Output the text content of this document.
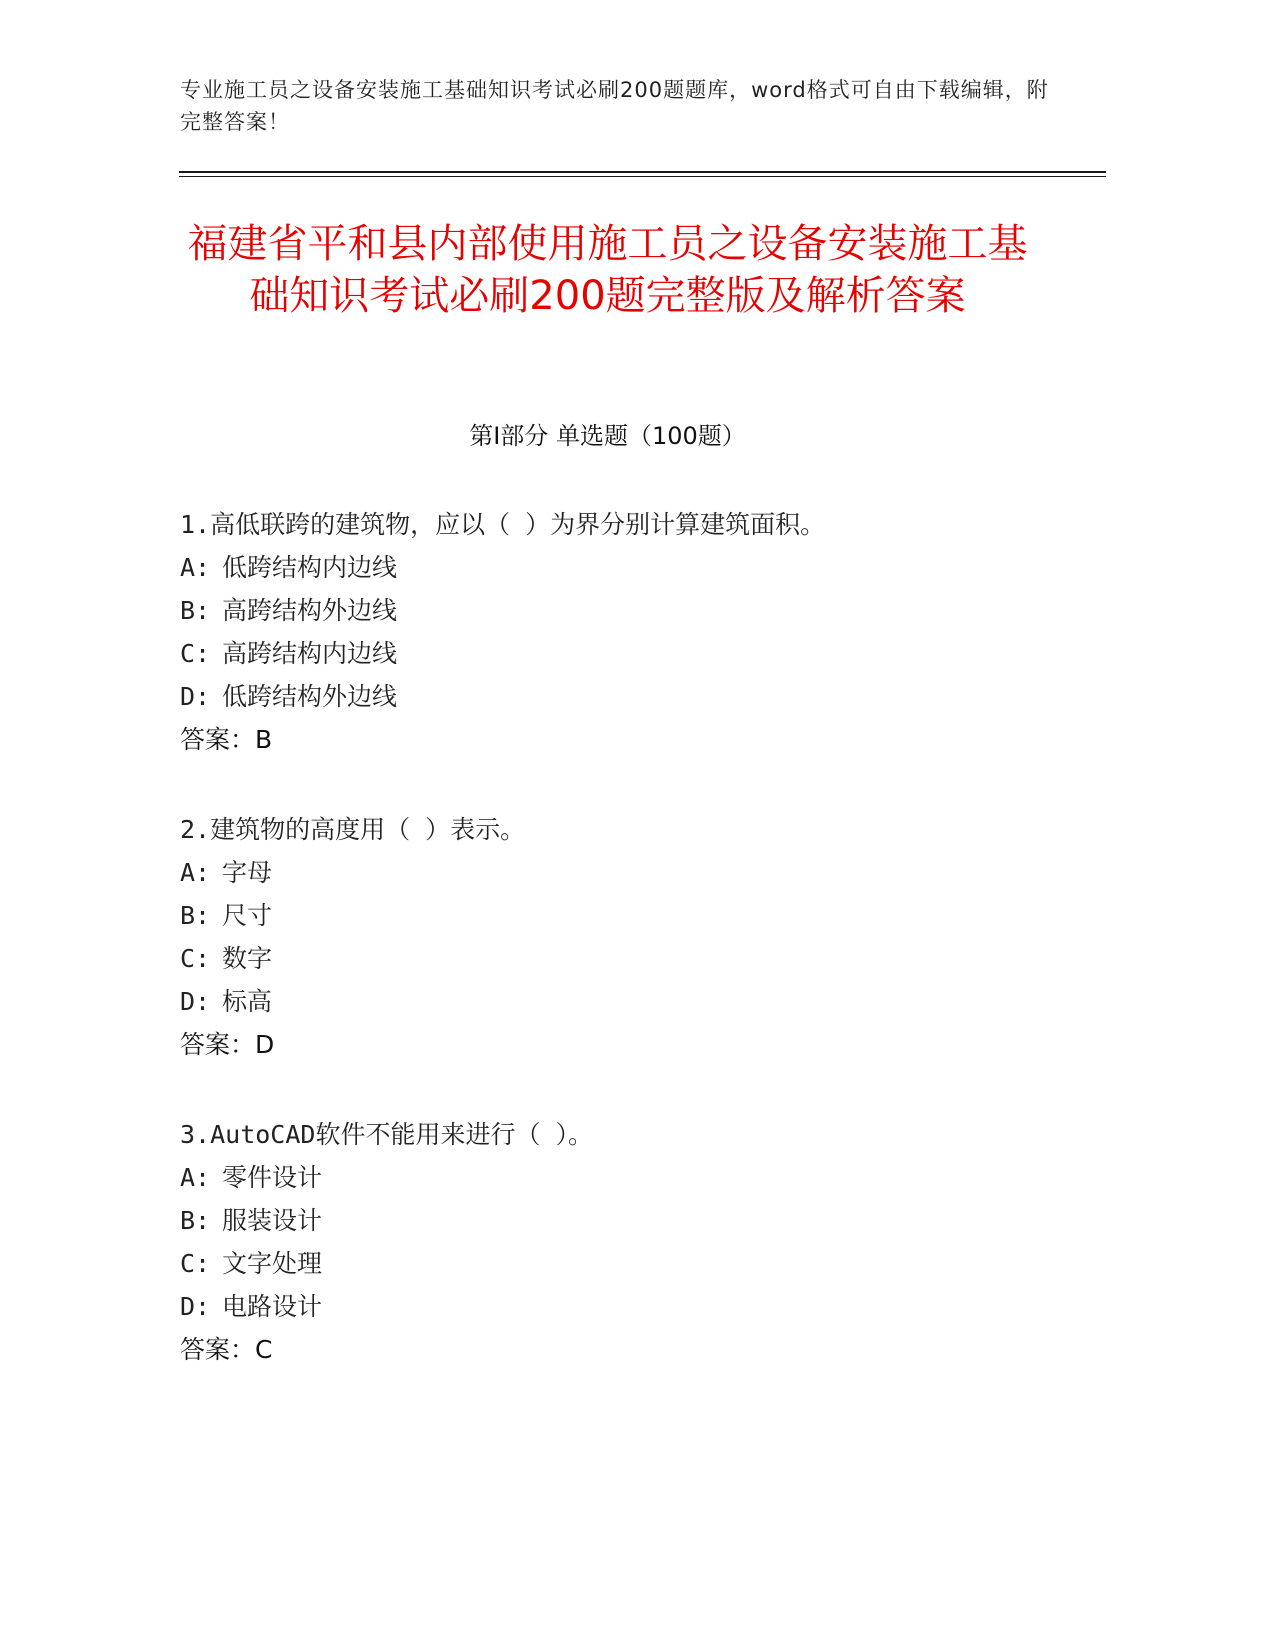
专业施工员之设备安装施工基础知识考试必刷200题题库，word格式可自由下载编辑，附完整答案！
福建省平和县内部使用施工员之设备安装施工基础知识考试必刷200题完整版及解析答案
第I部分 单选题（100题）
1.高低联跨的建筑物，应以（ ）为界分别计算建筑面积。
A: 低跨结构内边线
B: 高跨结构外边线
C: 高跨结构内边线
D: 低跨结构外边线
答案：B
2.建筑物的高度用（ ）表示。
A: 字母
B: 尺寸
C: 数字
D: 标高
答案：D
3.AutoCAD软件不能用来进行（ ）。
A: 零件设计
B: 服装设计
C: 文字处理
D: 电路设计
答案：C
